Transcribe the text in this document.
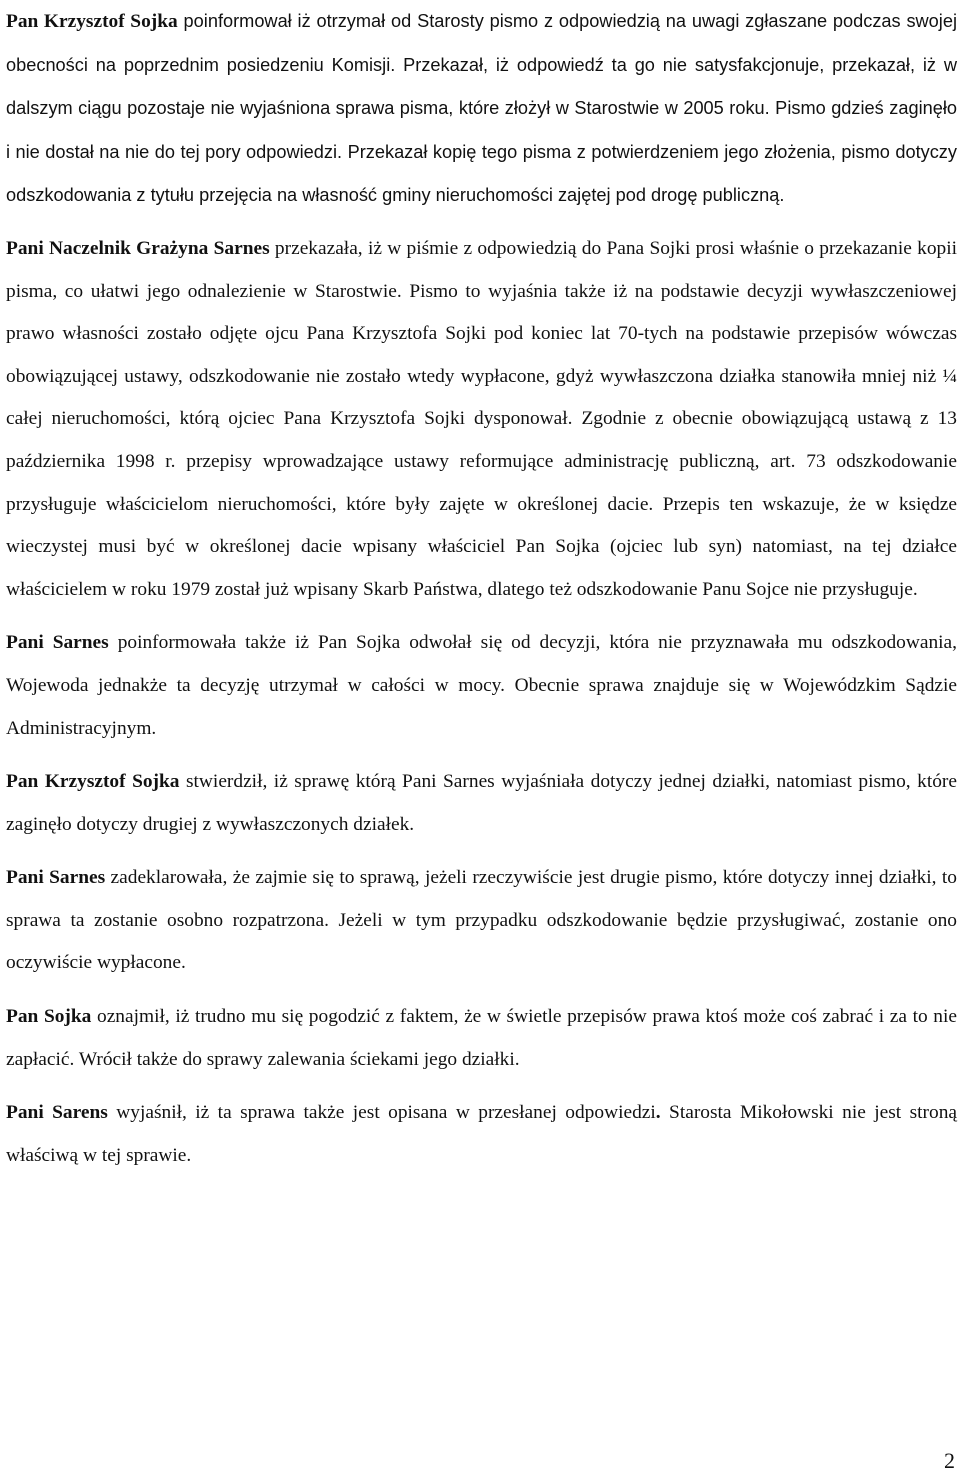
Pan Krzysztof Sojka poinformował iż otrzymał od Starosty pismo z odpowiedzią na uwagi zgłaszane podczas swojej obecności na poprzednim posiedzeniu Komisji. Przekazał, iż odpowiedź ta go nie satysfakcjonuje, przekazał, iż w dalszym ciągu pozostaje nie wyjaśniona sprawa pisma, które złożył w Starostwie w 2005 roku. Pismo gdzieś zaginęło i nie dostał na nie do tej pory odpowiedzi. Przekazał kopię tego pisma z potwierdzeniem jego złożenia, pismo dotyczy odszkodowania z tytułu przejęcia na własność gminy nieruchomości zajętej pod drogę publiczną.

Pani Naczelnik Grażyna Sarnes przekazała, iż w piśmie z odpowiedzią do Pana Sojki prosi właśnie o przekazanie kopii pisma, co ułatwi jego odnalezienie w Starostwie. Pismo to wyjaśnia także iż na podstawie decyzji wywłaszczeniowej prawo własności zostało odjęte ojcu Pana Krzysztofa Sojki pod koniec lat 70-tych na podstawie przepisów wówczas obowiązującej ustawy, odszkodowanie nie zostało wtedy wypłacone, gdyż wywłaszczona działka stanowiła mniej niż ¼ całej nieruchomości, którą ojciec Pana Krzysztofa Sojki dysponował. Zgodnie z obecnie obowiązującą ustawą z 13 października 1998 r. przepisy wprowadzające ustawy reformujące administrację publiczną, art. 73 odszkodowanie przysługuje właścicielom nieruchomości, które były zajęte w określonej dacie. Przepis ten wskazuje, że w księdze wieczystej musi być w określonej dacie wpisany właściciel Pan Sojka (ojciec lub syn) natomiast, na tej działce właścicielem w roku 1979 został już wpisany Skarb Państwa, dlatego też odszkodowanie Panu Sojce nie przysługuje.

Pani Sarnes poinformowała także iż Pan Sojka odwołał się od decyzji, która nie przyznawała mu odszkodowania, Wojewoda jednakże ta decyzję utrzymał w całości w mocy. Obecnie sprawa znajduje się w Wojewódzkim Sądzie Administracyjnym.

Pan Krzysztof Sojka stwierdził, iż sprawę którą Pani Sarnes wyjaśniała dotyczy jednej działki, natomiast pismo, które zaginęło dotyczy drugiej z wywłaszczonych działek.

Pani Sarnes zadeklarowała, że zajmie się to sprawą, jeżeli rzeczywiście jest drugie pismo, które dotyczy innej działki, to sprawa ta zostanie osobno rozpatrzona. Jeżeli w tym przypadku odszkodowanie będzie przysługiwać, zostanie ono oczywiście wypłacone.

Pan Sojka oznajmił, iż trudno mu się pogodzić z faktem, że w świetle przepisów prawa ktoś może coś zabrać i za to nie zapłacić. Wrócił także do sprawy zalewania ściekami jego działki.

Pani Sarens wyjaśnił, iż ta sprawa także jest opisana w przesłanej odpowiedzi. Starosta Mikołowski nie jest stroną właściwą w tej sprawie.

2
